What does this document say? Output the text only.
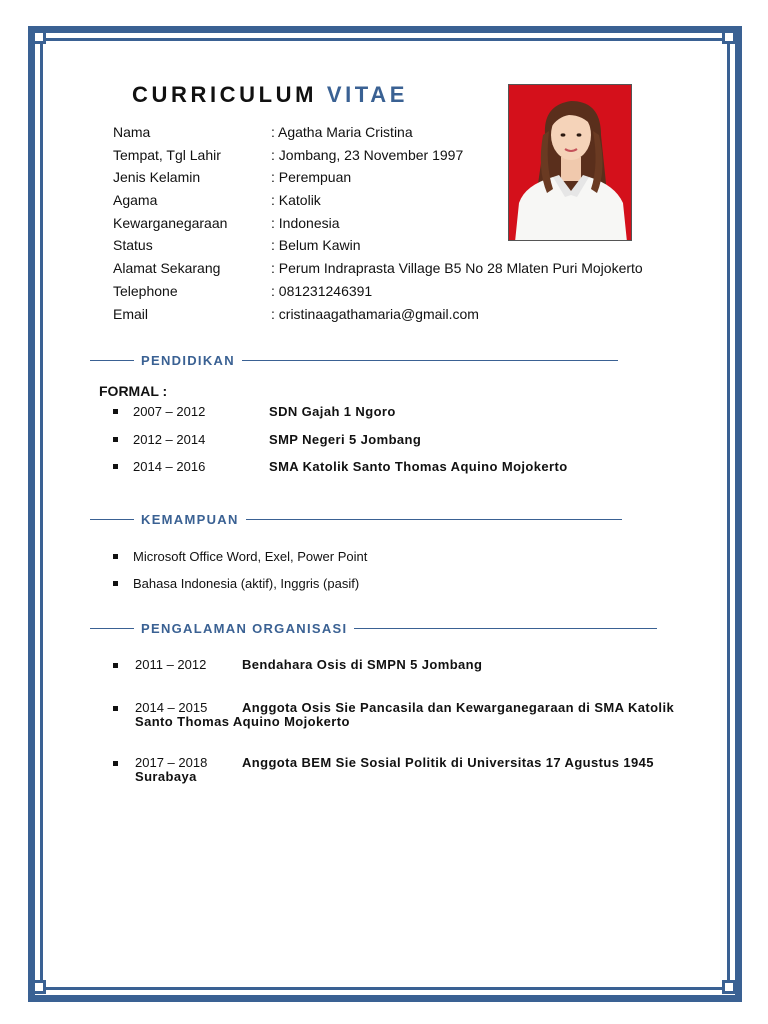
CURRICULUM VITAE
Nama	: Agatha Maria Cristina
Tempat, Tgl Lahir	: Jombang, 23 November 1997
Jenis Kelamin	: Perempuan
Agama	: Katolik
Kewarganegaraan	: Indonesia
Status	: Belum Kawin
Alamat Sekarang	: Perum Indraprasta Village B5 No 28 Mlaten Puri Mojokerto
Telephone	: 081231246391
Email	: cristinaagathamaria@gmail.com
PENDIDIKAN
FORMAL :
2007 – 2012	SDN Gajah 1 Ngoro
2012 – 2014	SMP Negeri 5 Jombang
2014 – 2016	SMA Katolik Santo Thomas Aquino Mojokerto
KEMAMPUAN
Microsoft Office Word, Exel, Power Point
Bahasa Indonesia (aktif), Inggris (pasif)
PENGALAMAN ORGANISASI
2011 – 2012	Bendahara Osis di SMPN 5 Jombang
2014 – 2015	Anggota Osis Sie Pancasila dan Kewarganegaraan di SMA Katolik Santo Thomas Aquino Mojokerto
2017 – 2018	Anggota BEM Sie Sosial Politik di Universitas 17 Agustus 1945 Surabaya
